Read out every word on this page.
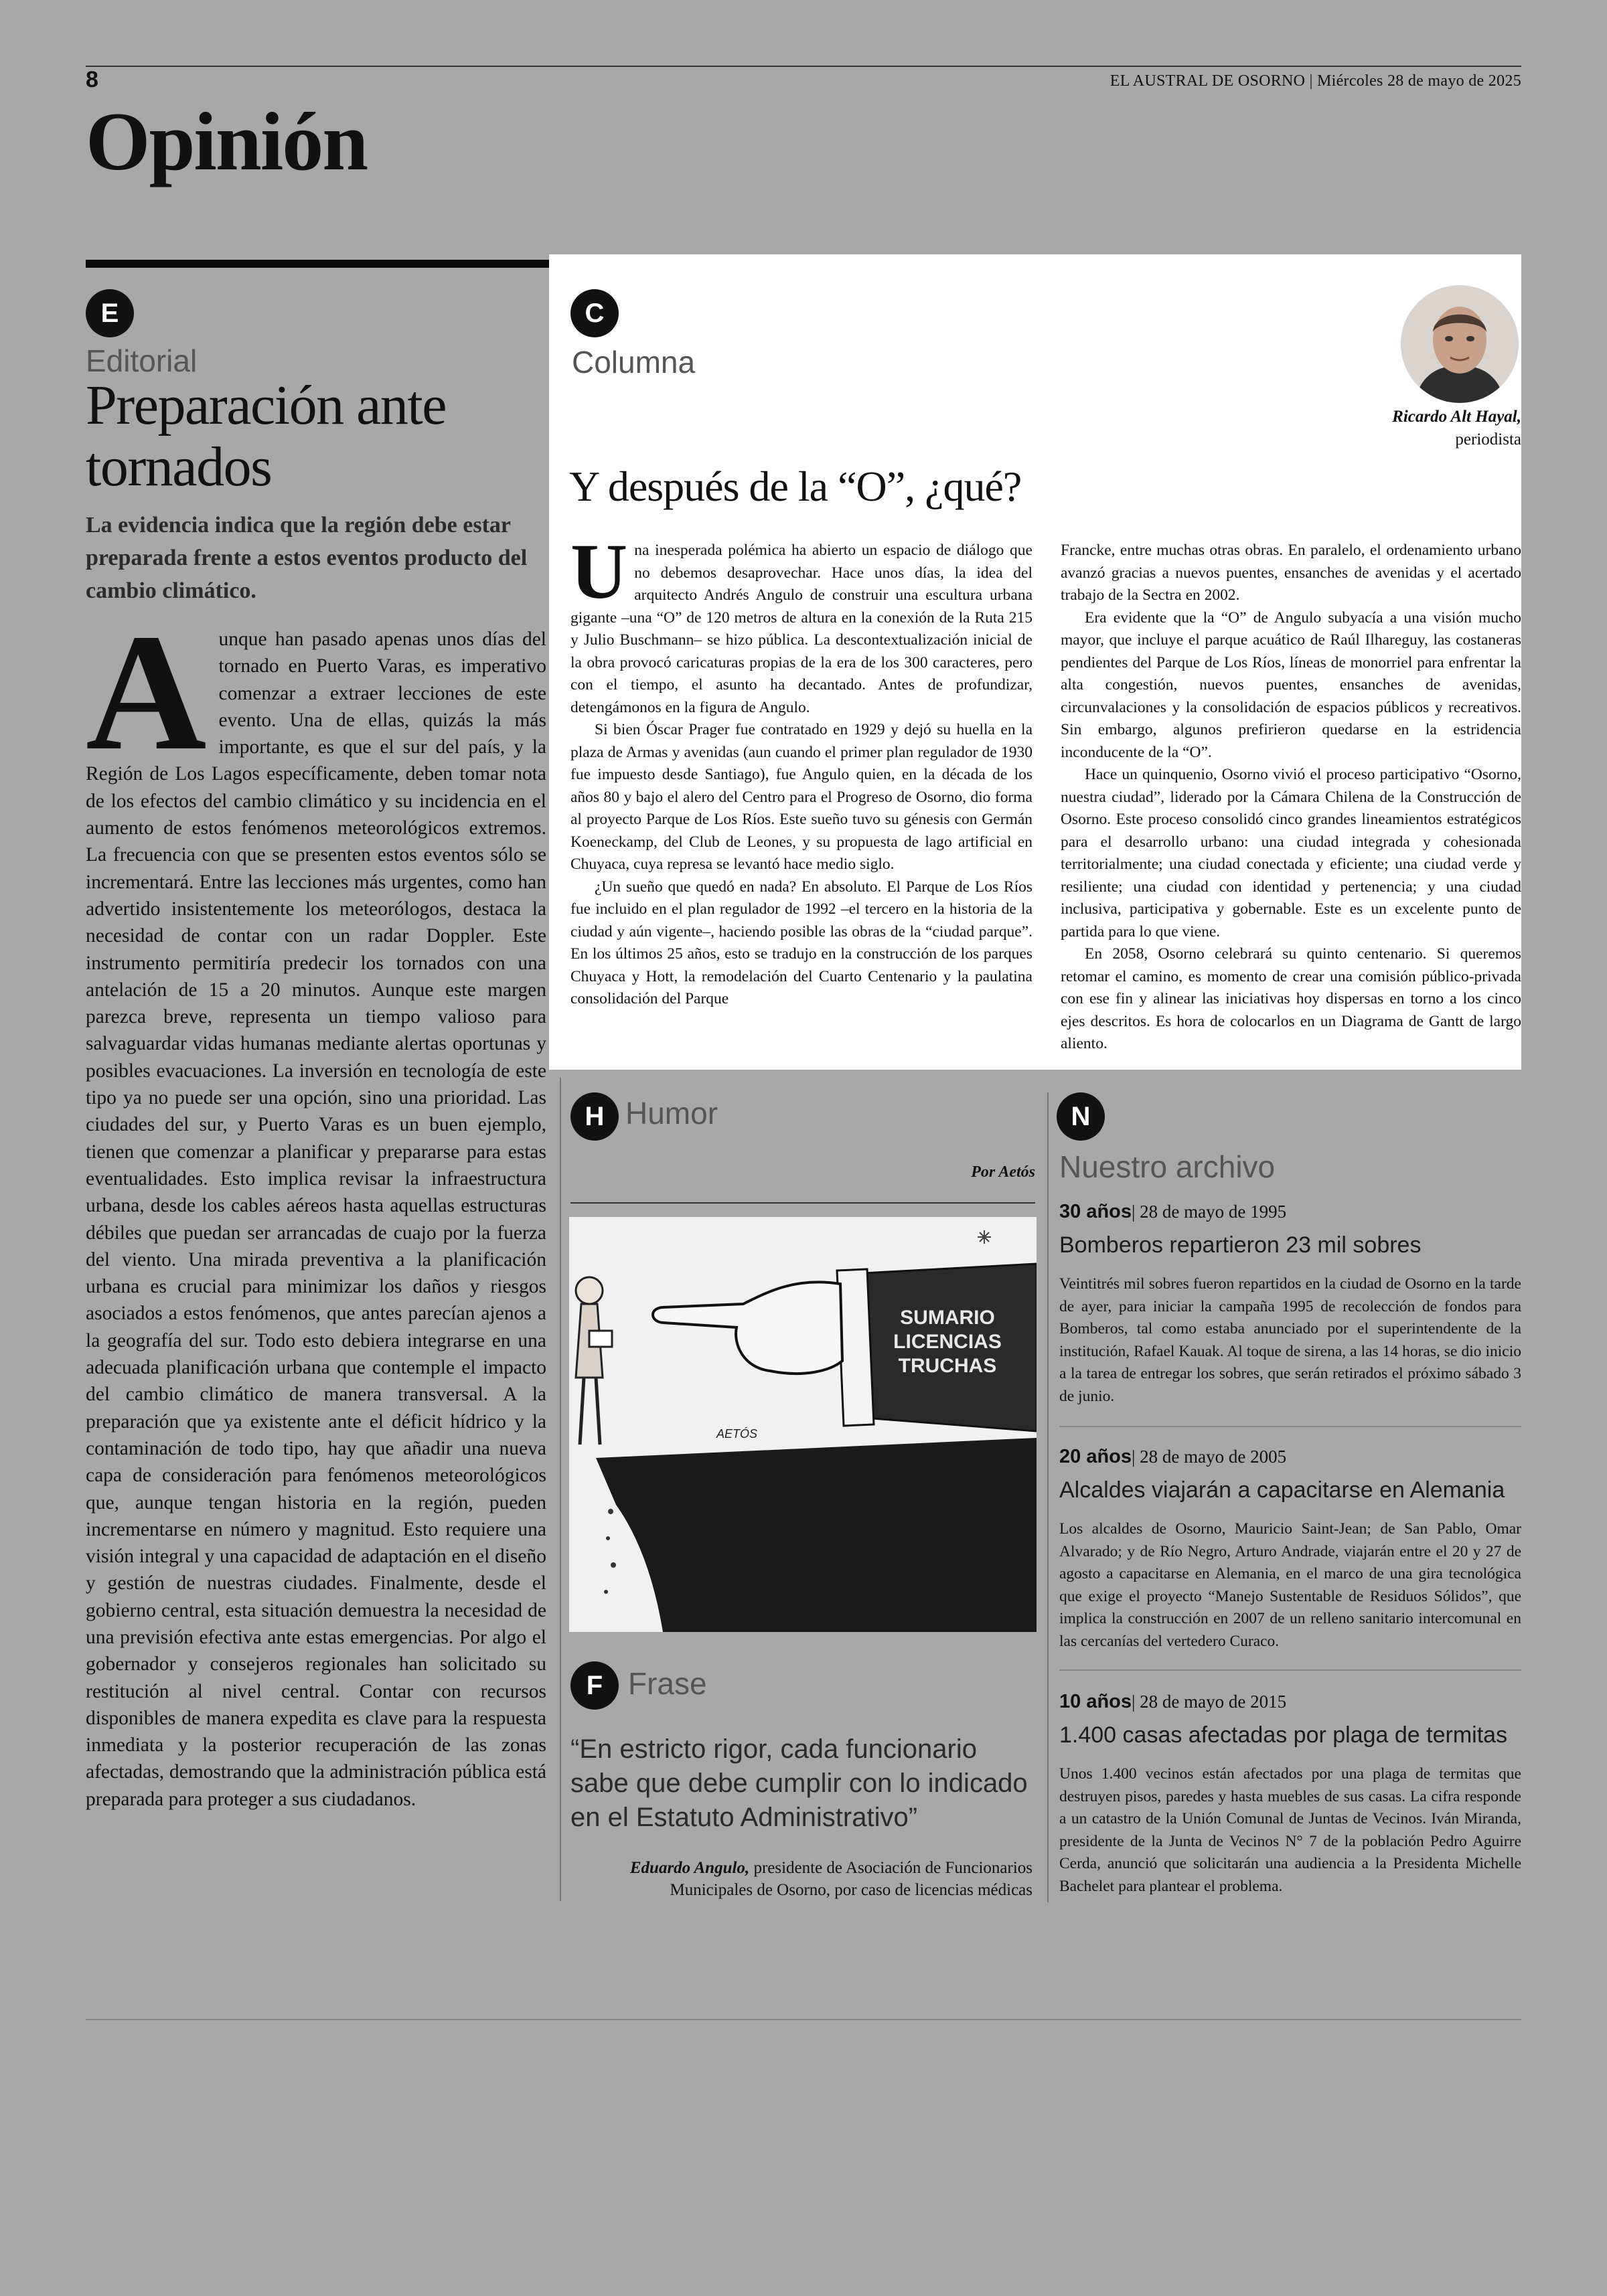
8	EL AUSTRAL DE OSORNO | Miércoles 28 de mayo de 2025
Opinión
E
Editorial
Preparación ante tornados
La evidencia indica que la región debe estar preparada frente a estos eventos producto del cambio climático.
Aunque han pasado apenas unos días del tornado en Puerto Varas, es imperativo comenzar a extraer lecciones de este evento. Una de ellas, quizás la más importante, es que el sur del país, y la Región de Los Lagos específicamente, deben tomar nota de los efectos del cambio climático y su incidencia en el aumento de estos fenómenos meteorológicos extremos. La frecuencia con que se presenten estos eventos sólo se incrementará. Entre las lecciones más urgentes, como han advertido insistentemente los meteorólogos, destaca la necesidad de contar con un radar Doppler. Este instrumento permitiría predecir los tornados con una antelación de 15 a 20 minutos. Aunque este margen parezca breve, representa un tiempo valioso para salvaguardar vidas humanas mediante alertas oportunas y posibles evacuaciones. La inversión en tecnología de este tipo ya no puede ser una opción, sino una prioridad. Las ciudades del sur, y Puerto Varas es un buen ejemplo, tienen que comenzar a planificar y prepararse para estas eventualidades. Esto implica revisar la infraestructura urbana, desde los cables aéreos hasta aquellas estructuras débiles que puedan ser arrancadas de cuajo por la fuerza del viento. Una mirada preventiva a la planificación urbana es crucial para minimizar los daños y riesgos asociados a estos fenómenos, que antes parecían ajenos a la geografía del sur. Todo esto debiera integrarse en una adecuada planificación urbana que contemple el impacto del cambio climático de manera transversal. A la preparación que ya existente ante el déficit hídrico y la contaminación de todo tipo, hay que añadir una nueva capa de consideración para fenómenos meteorológicos que, aunque tengan historia en la región, pueden incrementarse en número y magnitud. Esto requiere una visión integral y una capacidad de adaptación en el diseño y gestión de nuestras ciudades. Finalmente, desde el gobierno central, esta situación demuestra la necesidad de una previsión efectiva ante estas emergencias. Por algo el gobernador y consejeros regionales han solicitado su restitución al nivel central. Contar con recursos disponibles de manera expedita es clave para la respuesta inmediata y la posterior recuperación de las zonas afectadas, demostrando que la administración pública está preparada para proteger a sus ciudadanos.
C
Columna
Ricardo Alt Hayal,
periodista
Y después de la “O”, ¿qué?

Una inesperada polémica ha abierto un espacio de diálogo que no debemos desaprovechar. Hace unos días, la idea del arquitecto Andrés Angulo de construir una escultura urbana gigante –una “O” de 120 metros de altura en la conexión de la Ruta 215 y Julio Buschmann– se hizo pública. La descontextualización inicial de la obra provocó caricaturas propias de la era de los 300 caracteres, pero con el tiempo, el asunto ha decantado. Antes de profundizar, detengámonos en la figura de Angulo.

Si bien Óscar Prager fue contratado en 1929 y dejó su huella en la plaza de Armas y avenidas (aun cuando el primer plan regulador de 1930 fue impuesto desde Santiago), fue Angulo quien, en la década de los años 80 y bajo el alero del Centro para el Progreso de Osorno, dio forma al proyecto Parque de Los Ríos. Este sueño tuvo su génesis con Germán Koeneckamp, del Club de Leones, y su propuesta de lago artificial en Chuyaca, cuya represa se levantó hace medio siglo.

¿Un sueño que quedó en nada? En absoluto. El Parque de Los Ríos fue incluido en el plan regulador de 1992 –el tercero en la historia de la ciudad y aún vigente–, haciendo posible las obras de la “ciudad parque”. En los últimos 25 años, esto se tradujo en la construcción de los parques Chuyaca y Hott, la remodelación del Cuarto Centenario y la paulatina consolidación del Parque

Francke, entre muchas otras obras. En paralelo, el ordenamiento urbano avanzó gracias a nuevos puentes, ensanches de avenidas y el acertado trabajo de la Sectra en 2002.

Era evidente que la “O” de Angulo subyacía a una visión mucho mayor, que incluye el parque acuático de Raúl Ilhareguy, las costaneras pendientes del Parque de Los Ríos, líneas de monorriel para enfrentar la alta congestión, nuevos puentes, ensanches de avenidas, circunvalaciones y la consolidación de espacios públicos y recreativos. Sin embargo, algunos prefirieron quedarse en la estridencia inconducente de la “O”.

Hace un quinquenio, Osorno vivió el proceso participativo “Osorno, nuestra ciudad”, liderado por la Cámara Chilena de la Construcción de Osorno. Este proceso consolidó cinco grandes lineamientos estratégicos para el desarrollo urbano: una ciudad integrada y cohesionada territorialmente; una ciudad conectada y eficiente; una ciudad verde y resiliente; una ciudad con identidad y pertenencia; y una ciudad inclusiva, participativa y gobernable. Este es un excelente punto de partida para lo que viene.

En 2058, Osorno celebrará su quinto centenario. Si queremos retomar el camino, es momento de crear una comisión público-privada con ese fin y alinear las iniciativas hoy dispersas en torno a los cinco ejes descritos. Es hora de colocarlos en un Diagrama de Gantt de largo aliento.

H Humor
Por Aetós
SUMARIO
LICENCIAS
TRUCHAS
AETÓS
F Frase
“En estricto rigor, cada funcionario sabe que debe cumplir con lo indicado en el Estatuto Administrativo”
Eduardo Angulo, presidente de Asociación de Funcionarios Municipales de Osorno, por caso de licencias médicas
N
Nuestro archivo
30 años| 28 de mayo de 1995
Bomberos repartieron 23 mil sobres
Veintitrés mil sobres fueron repartidos en la ciudad de Osorno en la tarde de ayer, para iniciar la campaña 1995 de recolección de fondos para Bomberos, tal como estaba anunciado por el superintendente de la institución, Rafael Kauak. Al toque de sirena, a las 14 horas, se dio inicio a la tarea de entregar los sobres, que serán retirados el próximo sábado 3 de junio.
20 años| 28 de mayo de 2005
Alcaldes viajarán a capacitarse en Alemania
Los alcaldes de Osorno, Mauricio Saint-Jean; de San Pablo, Omar Alvarado; y de Río Negro, Arturo Andrade, viajarán entre el 20 y 27 de agosto a capacitarse en Alemania, en el marco de una gira tecnológica que exige el proyecto “Manejo Sustentable de Residuos Sólidos”, que implica la construcción en 2007 de un relleno sanitario intercomunal en las cercanías del vertedero Curaco.
10 años| 28 de mayo de 2015
1.400 casas afectadas por plaga de termitas
Unos 1.400 vecinos están afectados por una plaga de termitas que destruyen pisos, paredes y hasta muebles de sus casas. La cifra responde a un catastro de la Unión Comunal de Juntas de Vecinos. Iván Miranda, presidente de la Junta de Vecinos N° 7 de la población Pedro Aguirre Cerda, anunció que solicitarán una audiencia a la Presidenta Michelle Bachelet para plantear el problema.
